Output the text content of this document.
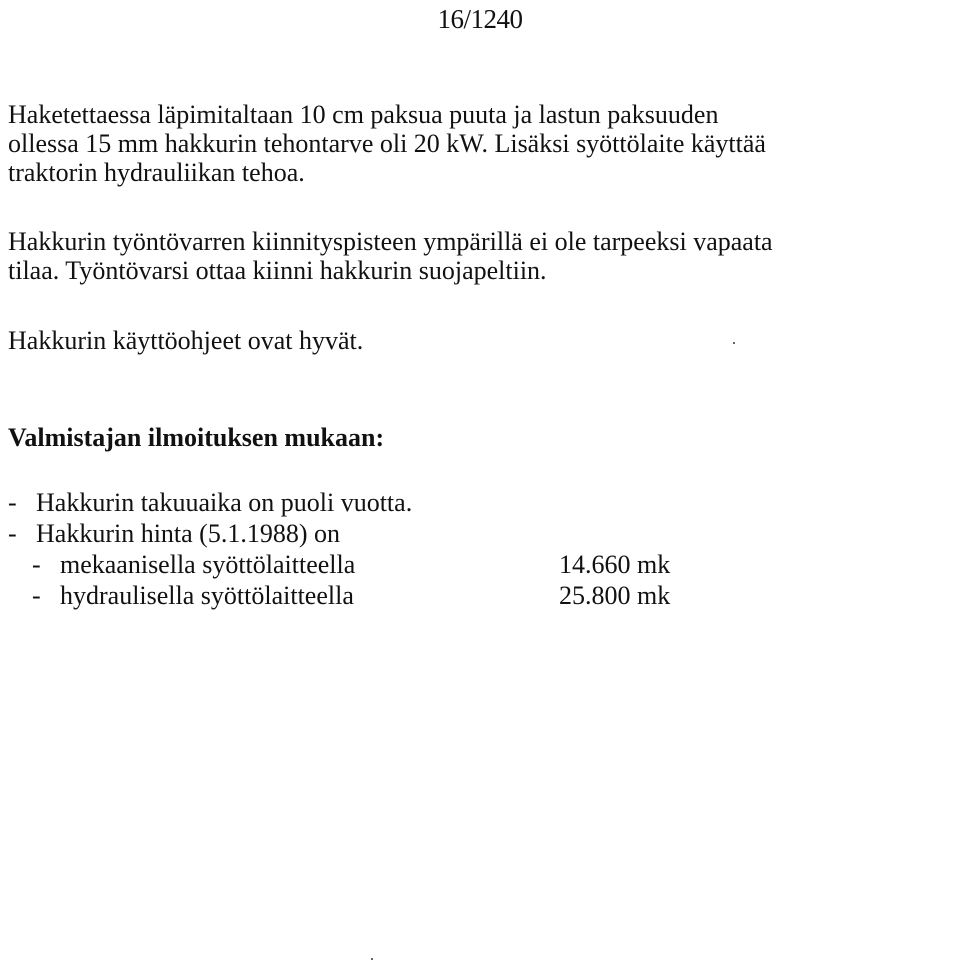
16/1240
Haketettaessa läpimitaltaan 10 cm paksua puuta ja lastun paksuuden
ollessa 15 mm hakkurin tehontarve oli 20 kW. Lisäksi syöttölaite käyttää
traktorin hydrauliikan tehoa.
Hakkurin työntövarren kiinnityspisteen ympärillä ei ole tarpeeksi vapaata
tilaa. Työntövarsi ottaa kiinni hakkurin suojapeltiin.
Hakkurin käyttöohjeet ovat hyvät.
Valmistajan ilmoituksen mukaan:
- Hakkurin takuuaika on puoli vuotta.
- Hakkurin hinta (5.1.1988) on
- mekaanisella syöttölaitteella	14.660 mk
- hydraulisella syöttölaitteella	25.800 mk
